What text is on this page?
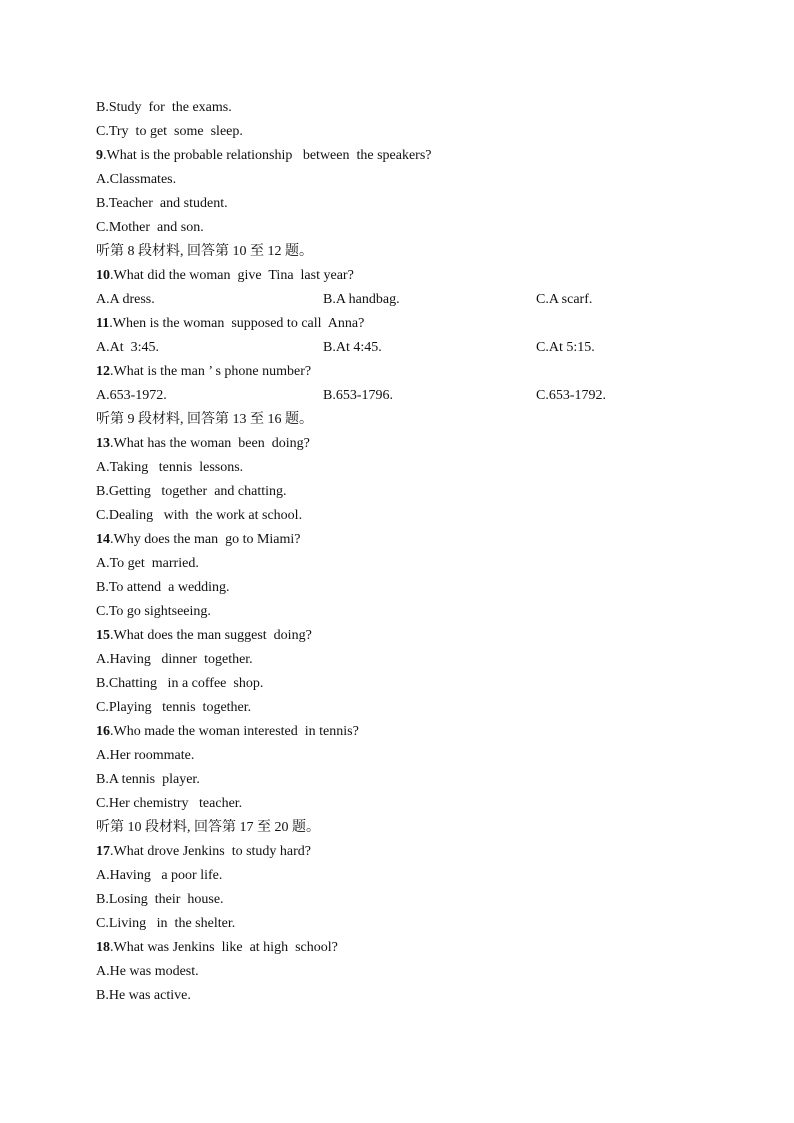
B.Study  for  the exams.
C.Try  to get  some  sleep.
9.What is the probable relationship   between  the speakers?
A.Classmates.
B.Teacher  and student.
C.Mother  and son.
听第 8 段材料, 回答第 10 至 12 题。
10.What did the woman  give  Tina  last year?
A.A dress.	B.A handbag.	C.A scarf.
11.When is the woman  supposed to call  Anna?
A.At  3:45.	B.At 4:45.	C.At 5:15.
12.What is the man ’ s phone number?
A.653-1972.	B.653-1796.	C.653-1792.
听第 9 段材料, 回答第 13 至 16 题。
13.What has the woman  been  doing?
A.Taking   tennis  lessons.
B.Getting   together  and chatting.
C.Dealing   with  the work at school.
14.Why does the man  go to Miami?
A.To get  married.
B.To attend  a wedding.
C.To go sightseeing.
15.What does the man suggest  doing?
A.Having   dinner  together.
B.Chatting   in a coffee  shop.
C.Playing   tennis  together.
16.Who made the woman interested  in tennis?
A.Her roommate.
B.A tennis  player.
C.Her chemistry   teacher.
听第 10 段材料, 回答第 17 至 20 题。
17.What drove Jenkins  to study hard?
A.Having   a poor life.
B.Losing  their  house.
C.Living   in  the shelter.
18.What was Jenkins  like  at high  school?
A.He was modest.
B.He was active.
